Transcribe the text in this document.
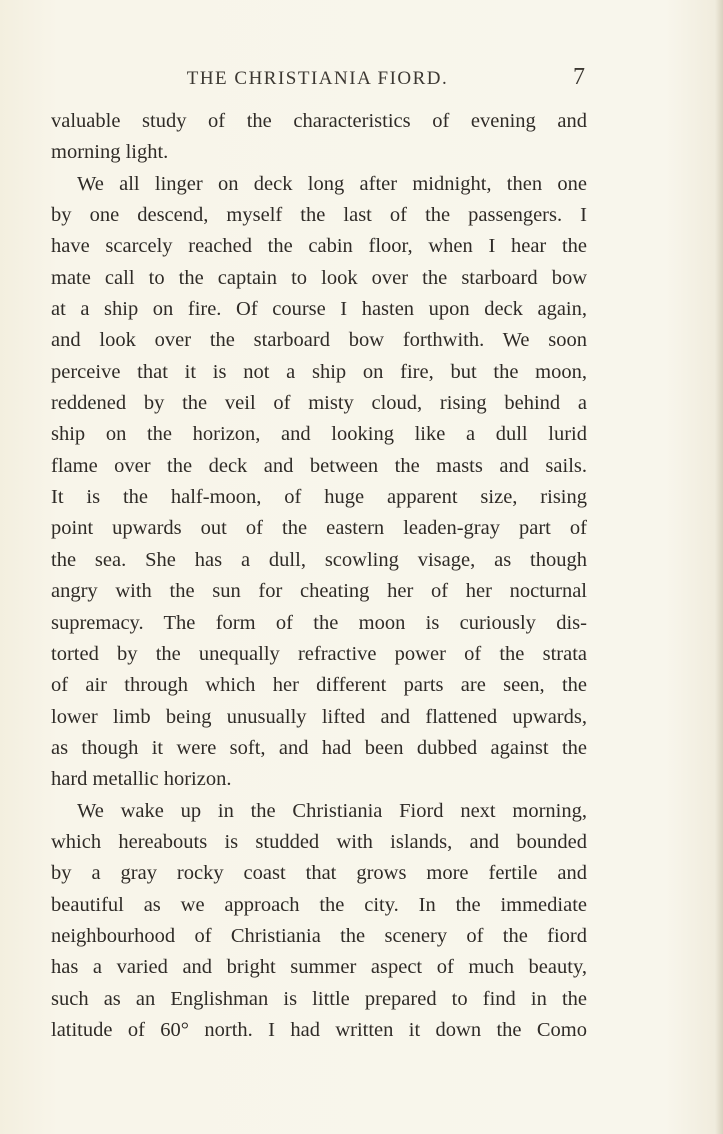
THE CHRISTIANIA FIORD.	7
valuable study of the characteristics of evening and
morning light.
We all linger on deck long after midnight, then one
by one descend, myself the last of the passengers. I
have scarcely reached the cabin floor, when I hear the
mate call to the captain to look over the starboard bow
at a ship on fire. Of course I hasten upon deck again,
and look over the starboard bow forthwith. We soon
perceive that it is not a ship on fire, but the moon,
reddened by the veil of misty cloud, rising behind a
ship on the horizon, and looking like a dull lurid
flame over the deck and between the masts and sails.
It is the half-moon, of huge apparent size, rising
point upwards out of the eastern leaden-gray part of
the sea. She has a dull, scowling visage, as though
angry with the sun for cheating her of her nocturnal
supremacy. The form of the moon is curiously dis-
torted by the unequally refractive power of the strata
of air through which her different parts are seen, the
lower limb being unusually lifted and flattened upwards,
as though it were soft, and had been dubbed against the
hard metallic horizon.
We wake up in the Christiania Fiord next morning,
which hereabouts is studded with islands, and bounded
by a gray rocky coast that grows more fertile and
beautiful as we approach the city. In the immediate
neighbourhood of Christiania the scenery of the fiord
has a varied and bright summer aspect of much beauty,
such as an Englishman is little prepared to find in the
latitude of 60° north. I had written it down the Como
